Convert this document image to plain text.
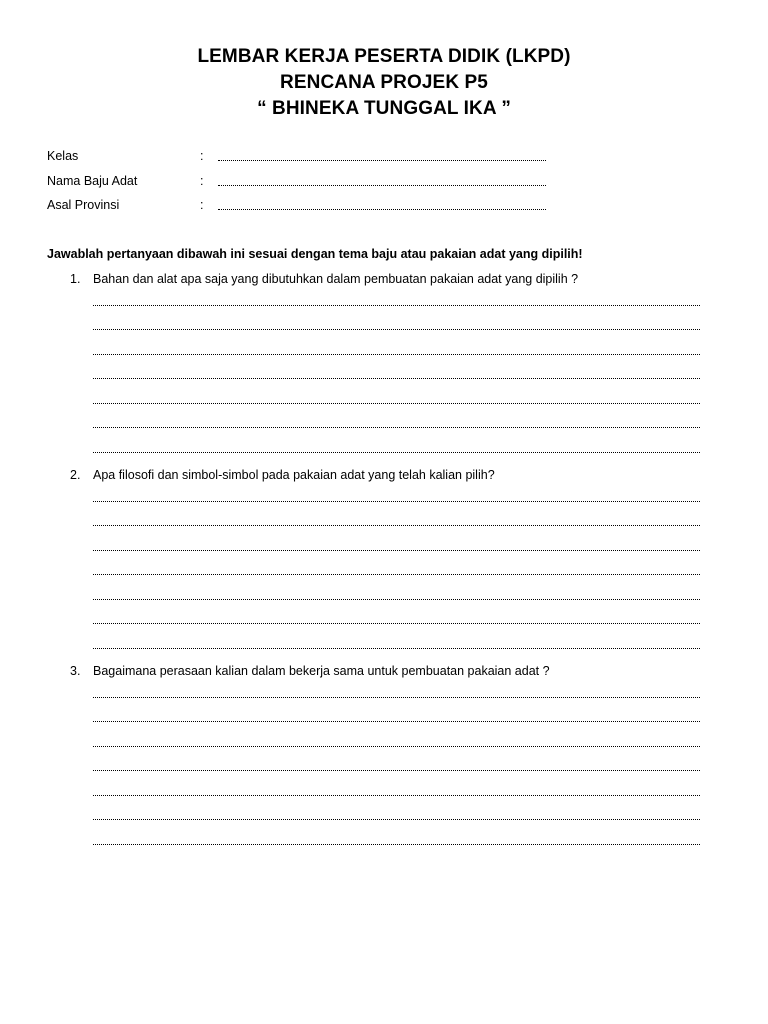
LEMBAR KERJA PESERTA DIDIK (LKPD)
RENCANA PROJEK P5
“ BHINEKA TUNGGAL IKA ”
Kelas	:
Nama Baju Adat	:
Asal Provinsi	:
Jawablah pertanyaan dibawah ini sesuai dengan tema baju atau pakaian adat yang dipilih!
1. Bahan dan alat apa saja yang dibutuhkan dalam pembuatan pakaian adat yang dipilih ?
2. Apa filosofi dan simbol-simbol pada pakaian adat yang telah kalian pilih?
3. Bagaimana perasaan kalian dalam bekerja sama untuk pembuatan pakaian adat ?
